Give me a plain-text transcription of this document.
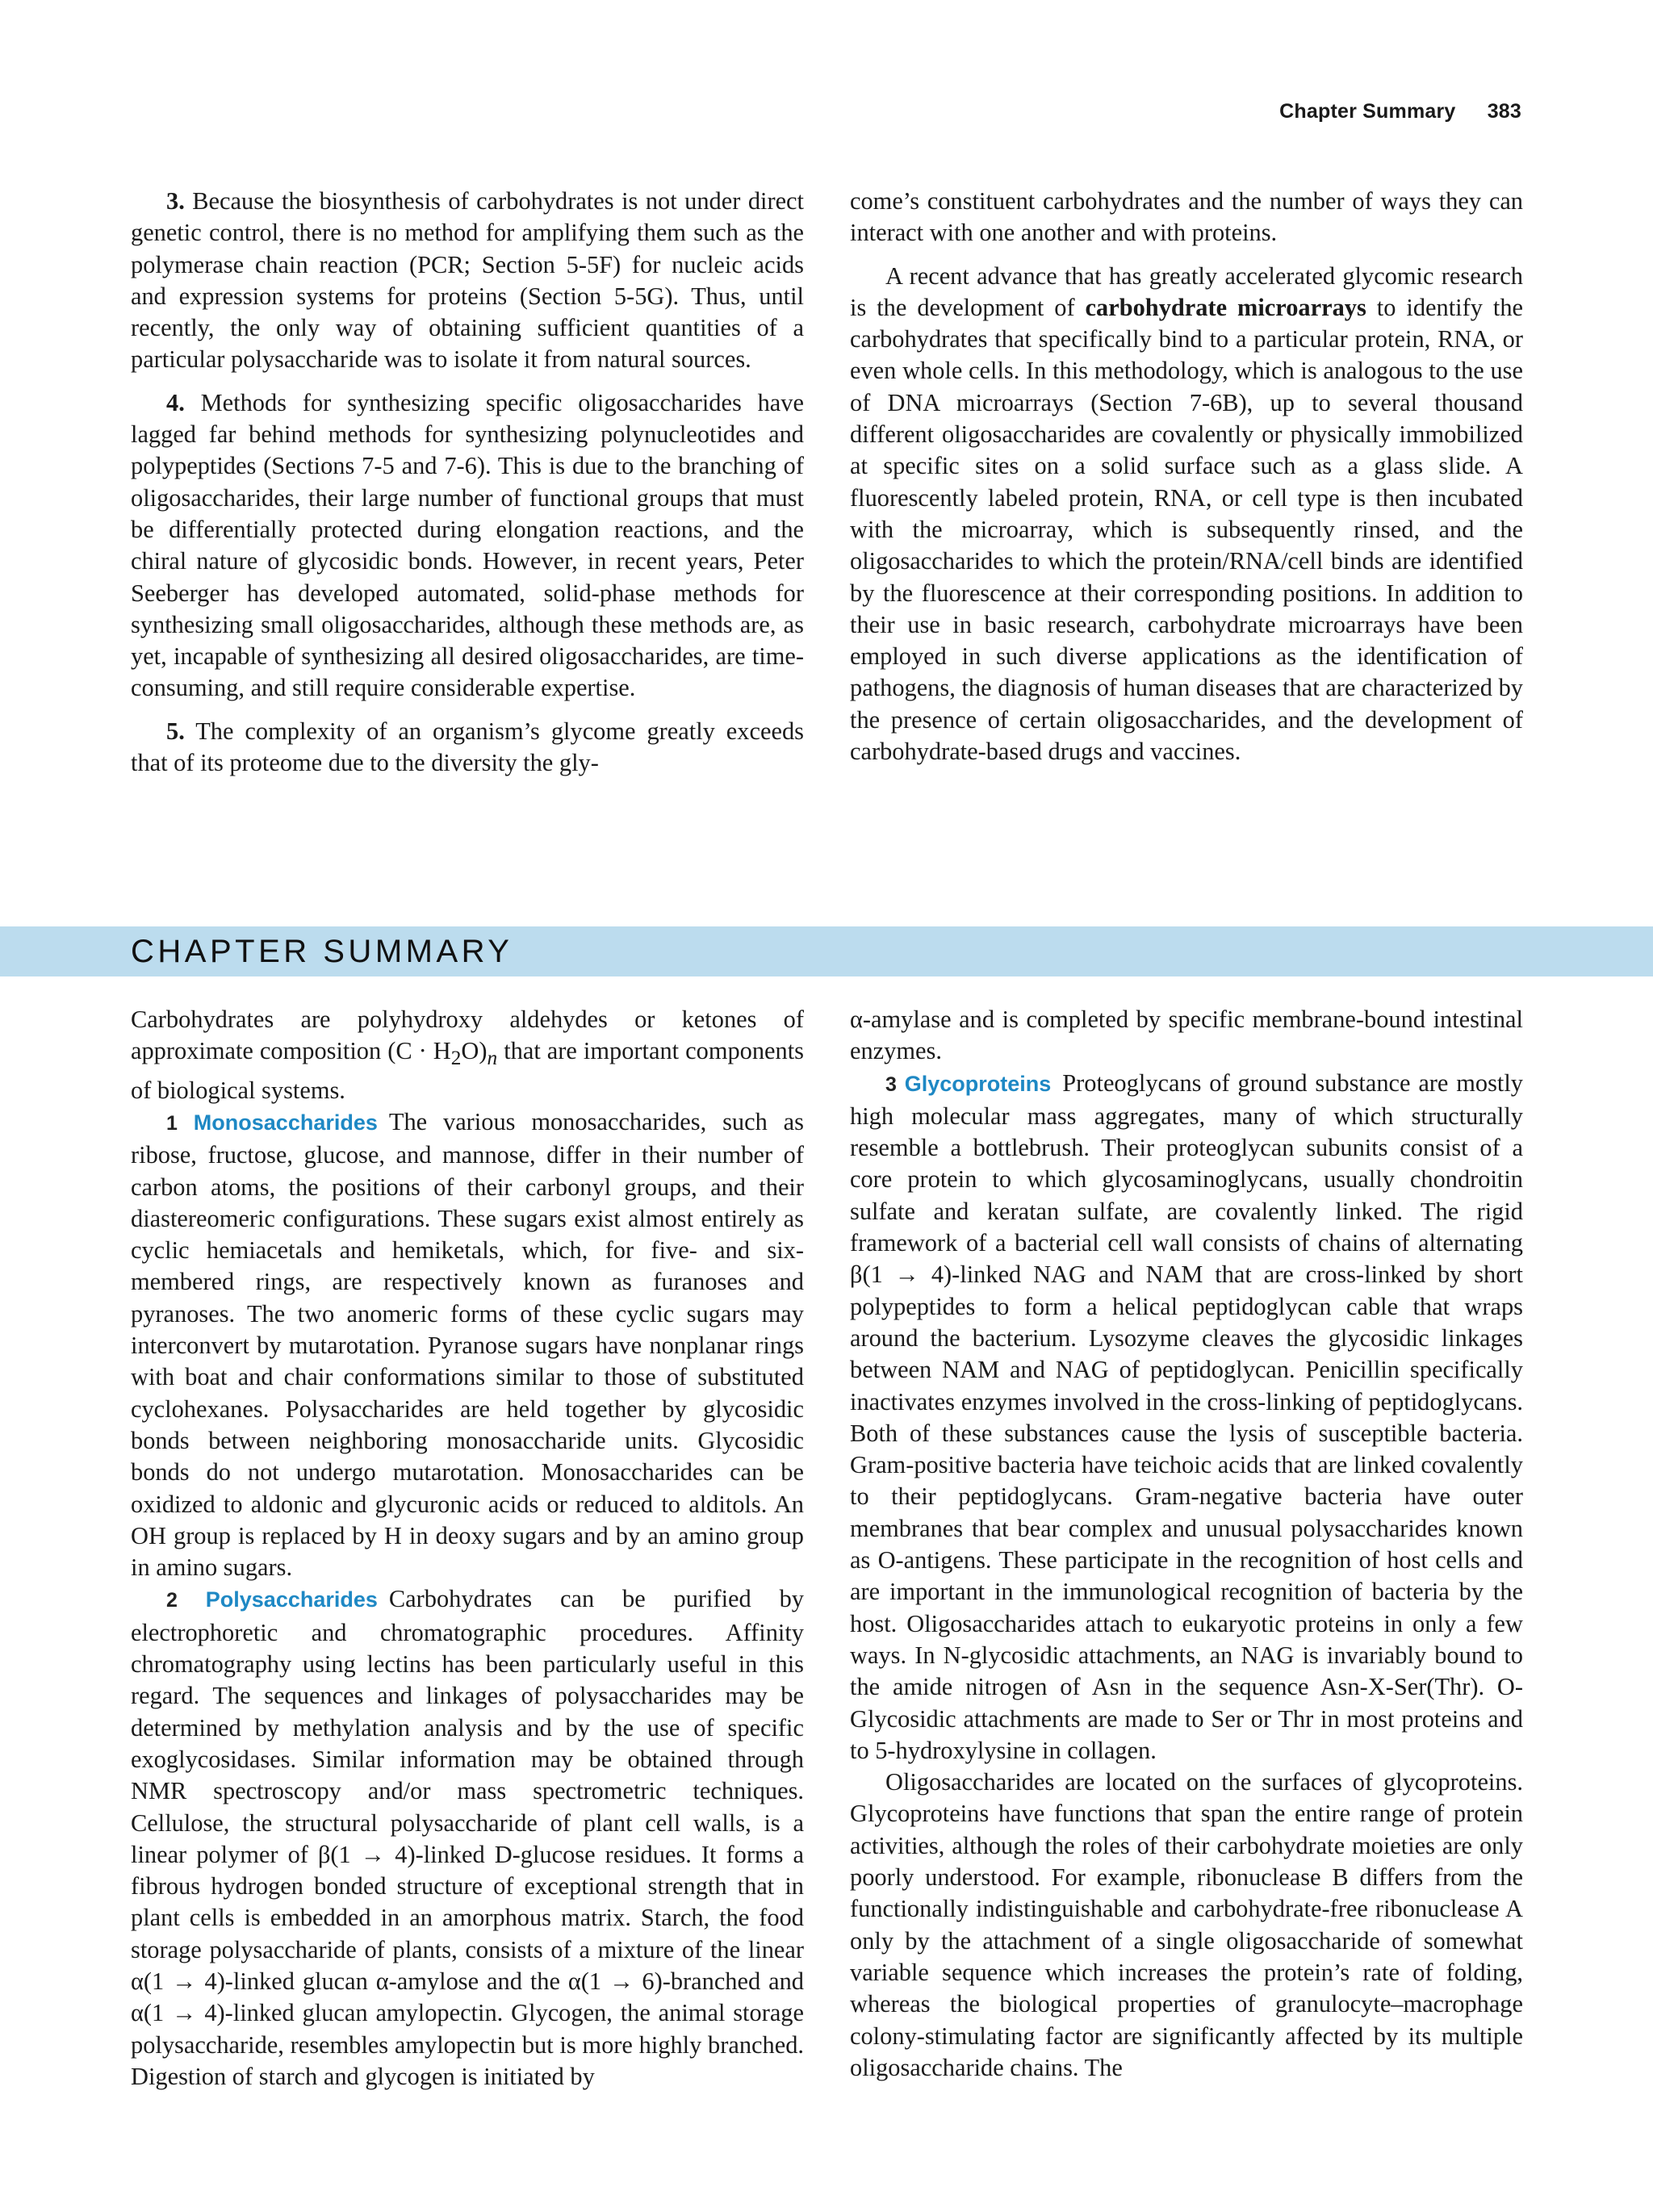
Chapter Summary 383

3. Because the biosynthesis of carbohydrates is not under direct genetic control, there is no method for amplifying them such as the polymerase chain reaction (PCR; Section 5-5F) for nucleic acids and expression systems for proteins (Section 5-5G). Thus, until recently, the only way of obtaining sufficient quantities of a particular polysaccharide was to isolate it from natural sources.

4. Methods for synthesizing specific oligosaccharides have lagged far behind methods for synthesizing polynucleotides and polypeptides (Sections 7-5 and 7-6). This is due to the branching of oligosaccharides, their large number of functional groups that must be differentially protected during elongation reactions, and the chiral nature of glycosidic bonds. However, in recent years, Peter Seeberger has developed automated, solid-phase methods for synthesizing small oligosaccharides, although these methods are, as yet, incapable of synthesizing all desired oligosaccharides, are time-consuming, and still require considerable expertise.

5. The complexity of an organism’s glycome greatly exceeds that of its proteome due to the diversity the gly-

come’s constituent carbohydrates and the number of ways they can interact with one another and with proteins.

A recent advance that has greatly accelerated glycomic research is the development of carbohydrate microarrays to identify the carbohydrates that specifically bind to a particular protein, RNA, or even whole cells. In this methodology, which is analogous to the use of DNA microarrays (Section 7-6B), up to several thousand different oligosaccharides are covalently or physically immobilized at specific sites on a solid surface such as a glass slide. A fluorescently labeled protein, RNA, or cell type is then incubated with the microarray, which is subsequently rinsed, and the oligosaccharides to which the protein/RNA/cell binds are identified by the fluorescence at their corresponding positions. In addition to their use in basic research, carbohydrate microarrays have been employed in such diverse applications as the identification of pathogens, the diagnosis of human diseases that are characterized by the presence of certain oligosaccharides, and the development of carbohydrate-based drugs and vaccines.

CHAPTER SUMMARY

Carbohydrates are polyhydroxy aldehydes or ketones of approximate composition $(C \cdot H_2O)_n$ that are important components of biological systems.

1 Monosaccharides The various monosaccharides, such as ribose, fructose, glucose, and mannose, differ in their number of carbon atoms, the positions of their carbonyl groups, and their diastereomeric configurations. These sugars exist almost entirely as cyclic hemiacetals and hemiketals, which, for five- and six-membered rings, are respectively known as furanoses and pyranoses. The two anomeric forms of these cyclic sugars may interconvert by mutarotation. Pyranose sugars have nonplanar rings with boat and chair conformations similar to those of substituted cyclohexanes. Polysaccharides are held together by glycosidic bonds between neighboring monosaccharide units. Glycosidic bonds do not undergo mutarotation. Monosaccharides can be oxidized to aldonic and glycuronic acids or reduced to alditols. An OH group is replaced by H in deoxy sugars and by an amino group in amino sugars.

2 Polysaccharides Carbohydrates can be purified by electrophoretic and chromatographic procedures. Affinity chromatography using lectins has been particularly useful in this regard. The sequences and linkages of polysaccharides may be determined by methylation analysis and by the use of specific exoglycosidases. Similar information may be obtained through NMR spectroscopy and/or mass spectrometric techniques. Cellulose, the structural polysaccharide of plant cell walls, is a linear polymer of β(1 → 4)-linked D-glucose residues. It forms a fibrous hydrogen bonded structure of exceptional strength that in plant cells is embedded in an amorphous matrix. Starch, the food storage polysaccharide of plants, consists of a mixture of the linear α(1 → 4)-linked glucan α-amylose and the α(1 → 6)-branched and α(1 → 4)-linked glucan amylopectin. Glycogen, the animal storage polysaccharide, resembles amylopectin but is more highly branched. Digestion of starch and glycogen is initiated by

α-amylase and is completed by specific membrane-bound intestinal enzymes.

3 Glycoproteins Proteoglycans of ground substance are mostly high molecular mass aggregates, many of which structurally resemble a bottlebrush. Their proteoglycan subunits consist of a core protein to which glycosaminoglycans, usually chondroitin sulfate and keratan sulfate, are covalently linked. The rigid framework of a bacterial cell wall consists of chains of alternating β(1 → 4)-linked NAG and NAM that are cross-linked by short polypeptides to form a helical peptidoglycan cable that wraps around the bacterium. Lysozyme cleaves the glycosidic linkages between NAM and NAG of peptidoglycan. Penicillin specifically inactivates enzymes involved in the cross-linking of peptidoglycans. Both of these substances cause the lysis of susceptible bacteria. Gram-positive bacteria have teichoic acids that are linked covalently to their peptidoglycans. Gram-negative bacteria have outer membranes that bear complex and unusual polysaccharides known as O-antigens. These participate in the recognition of host cells and are important in the immunological recognition of bacteria by the host. Oligosaccharides attach to eukaryotic proteins in only a few ways. In N-glycosidic attachments, an NAG is invariably bound to the amide nitrogen of Asn in the sequence Asn-X-Ser(Thr). O-Glycosidic attachments are made to Ser or Thr in most proteins and to 5-hydroxylysine in collagen.

Oligosaccharides are located on the surfaces of glycoproteins. Glycoproteins have functions that span the entire range of protein activities, although the roles of their carbohydrate moieties are only poorly understood. For example, ribonuclease B differs from the functionally indistinguishable and carbohydrate-free ribonuclease A only by the attachment of a single oligosaccharide of somewhat variable sequence which increases the protein’s rate of folding, whereas the biological properties of granulocyte–macrophage colony-stimulating factor are significantly affected by its multiple oligosaccharide chains. The
